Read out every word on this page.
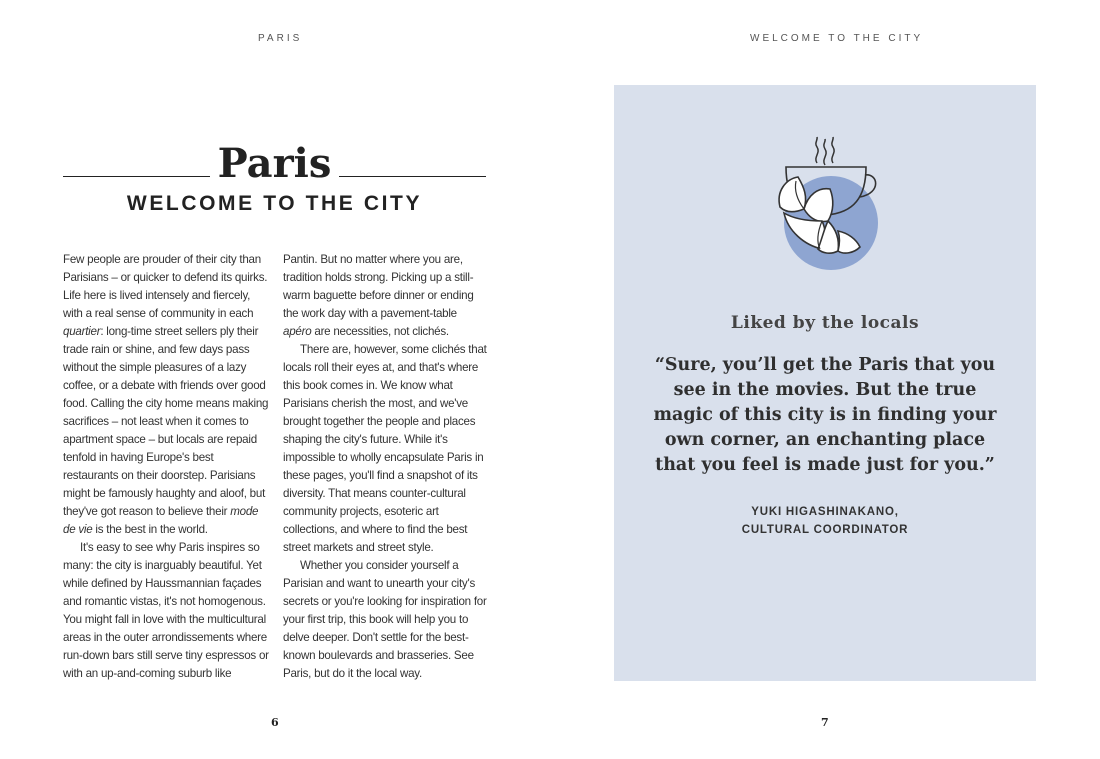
PARIS	WELCOME TO THE CITY
Paris
WELCOME TO THE CITY

Few people are prouder of their city than Parisians – or quicker to defend its quirks. Life here is lived intensely and fiercely, with a real sense of community in each quartier: long-time street sellers ply their trade rain or shine, and few days pass without the simple pleasures of a lazy coffee, or a debate with friends over good food. Calling the city home means making sacrifices – not least when it comes to apartment space – but locals are repaid tenfold in having Europe's best restaurants on their doorstep. Parisians might be famously haughty and aloof, but they've got reason to believe their mode de vie is the best in the world.

It's easy to see why Paris inspires so many: the city is inarguably beautiful. Yet while defined by Haussmannian façades and romantic vistas, it's not homogenous. You might fall in love with the multicultural areas in the outer arrondissements where run-down bars still serve tiny espressos or with an up-and-coming suburb like

Pantin. But no matter where you are, tradition holds strong. Picking up a still-warm baguette before dinner or ending the work day with a pavement-table apéro are necessities, not clichés.

There are, however, some clichés that locals roll their eyes at, and that's where this book comes in. We know what Parisians cherish the most, and we've brought together the people and places shaping the city's future. While it's impossible to wholly encapsulate Paris in these pages, you'll find a snapshot of its diversity. That means counter-cultural community projects, esoteric art collections, and where to find the best street markets and street style.

Whether you consider yourself a Parisian and want to unearth your city's secrets or you're looking for inspiration for your first trip, this book will help you to delve deeper. Don't settle for the best-known boulevards and brasseries. See Paris, but do it the local way.

6	7
Liked by the locals
“Sure, you’ll get the Paris that you
see in the movies. But the true
magic of this city is in finding your
own corner, an enchanting place
that you feel is made just for you.”
YUKI HIGASHINAKANO,
CULTURAL COORDINATOR
